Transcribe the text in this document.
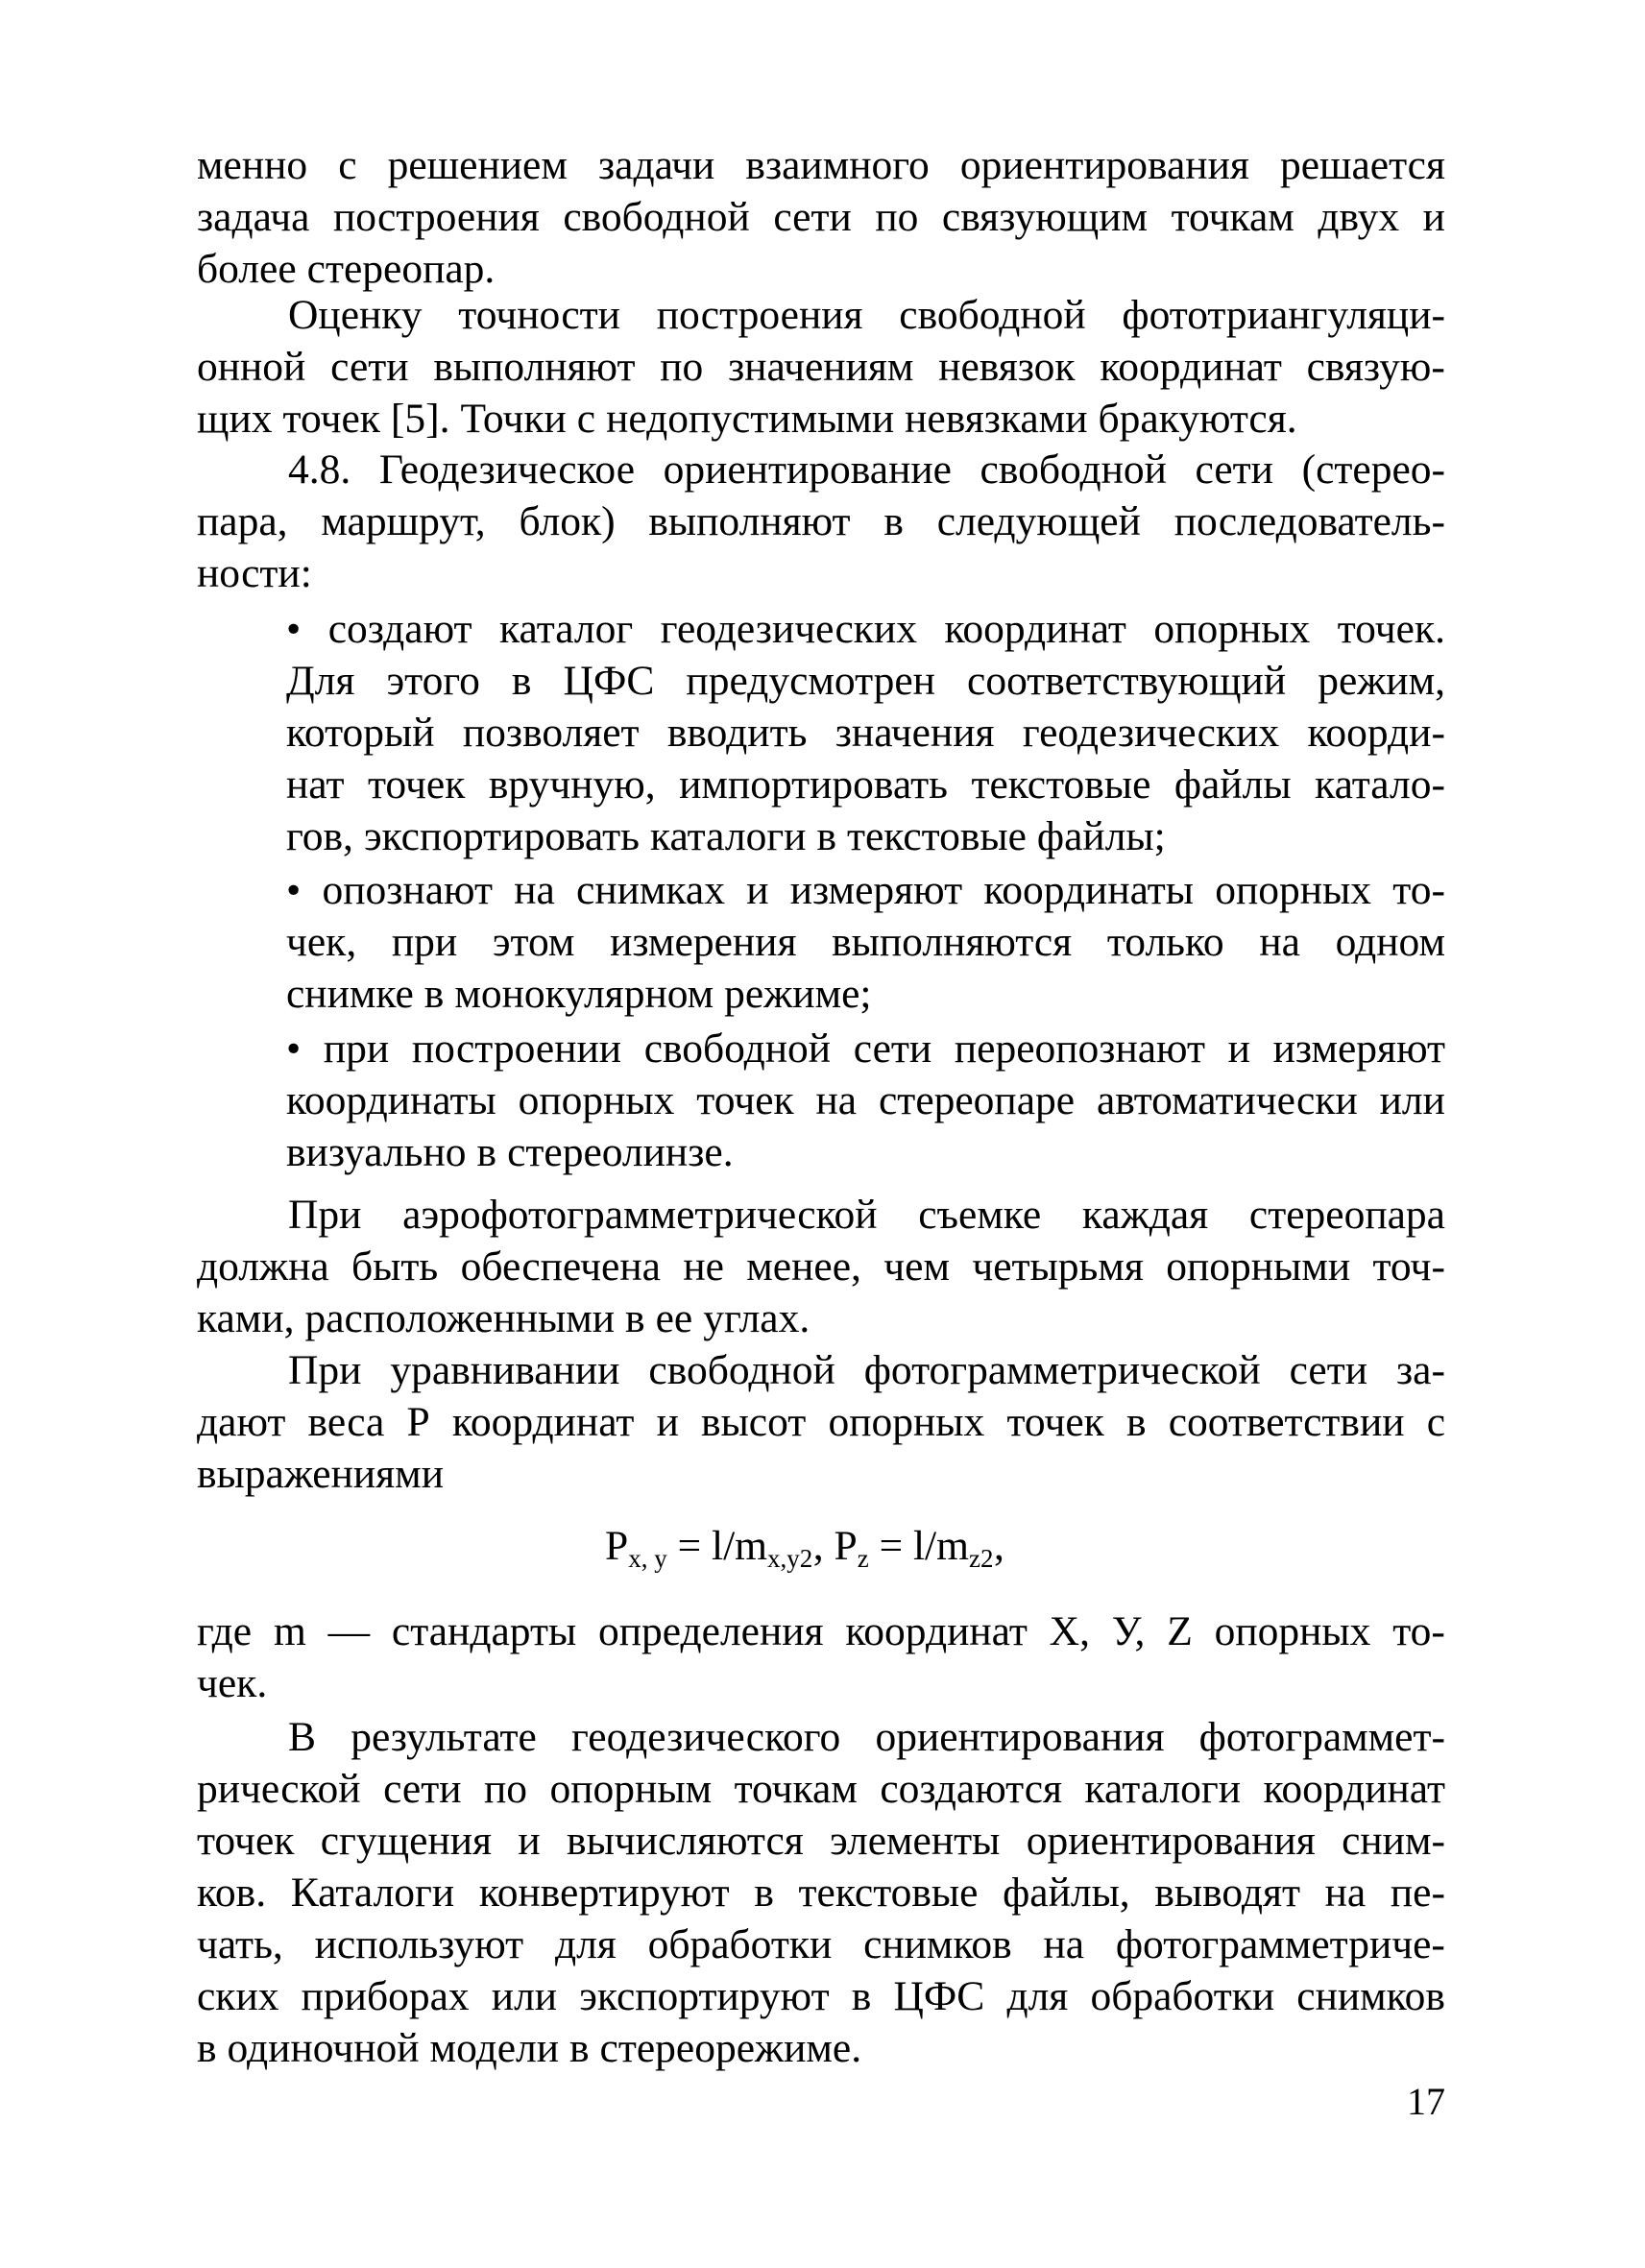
менно с решением задачи взаимного ориентирования решается
задача построения свободной сети по связующим точкам двух и
более стереопар.
Оценку точности построения свободной фототриангуляци-
онной сети выполняют по значениям невязок координат связую-
щих точек [5]. Точки с недопустимыми невязками бракуются.
4.8. Геодезическое ориентирование свободной сети (стерео-
пара, маршрут, блок) выполняют в следующей последователь-
ности:
• создают каталог геодезических координат опорных точек.
Для этого в ЦФС предусмотрен соответствующий режим,
который позволяет вводить значения геодезических коорди-
нат точек вручную, импортировать текстовые файлы катало-
гов, экспортировать каталоги в текстовые файлы;
• опознают на снимках и измеряют координаты опорных то-
чек, при этом измерения выполняются только на одном
снимке в монокулярном режиме;
• при построении свободной сети переопознают и измеряют
координаты опорных точек на стереопаре автоматически или
визуально в стереолинзе.
При аэрофотограмметрической съемке каждая стереопара
должна быть обеспечена не менее, чем четырьмя опорными точ-
ками, расположенными в ее углах.
При уравнивании свободной фотограмметрической сети за-
дают веса Р координат и высот опорных точек в соответствии с
выражениями
$P_{x, y} = l/m_{x,y}$ 2 , $P_z = l/m_z$ 2 ,
где m — стандарты определения координат X, У, Z опорных то-
чек.
В результате геодезического ориентирования фотограммет-
рической сети по опорным точкам создаются каталоги координат
точек сгущения и вычисляются элементы ориентирования сним-
ков. Каталоги конвертируют в текстовые файлы, выводят на пе-
чать, используют для обработки снимков на фотограмметриче-
ских приборах или экспортируют в ЦФС для обработки снимков
в одиночной модели в стереорежиме.
17
